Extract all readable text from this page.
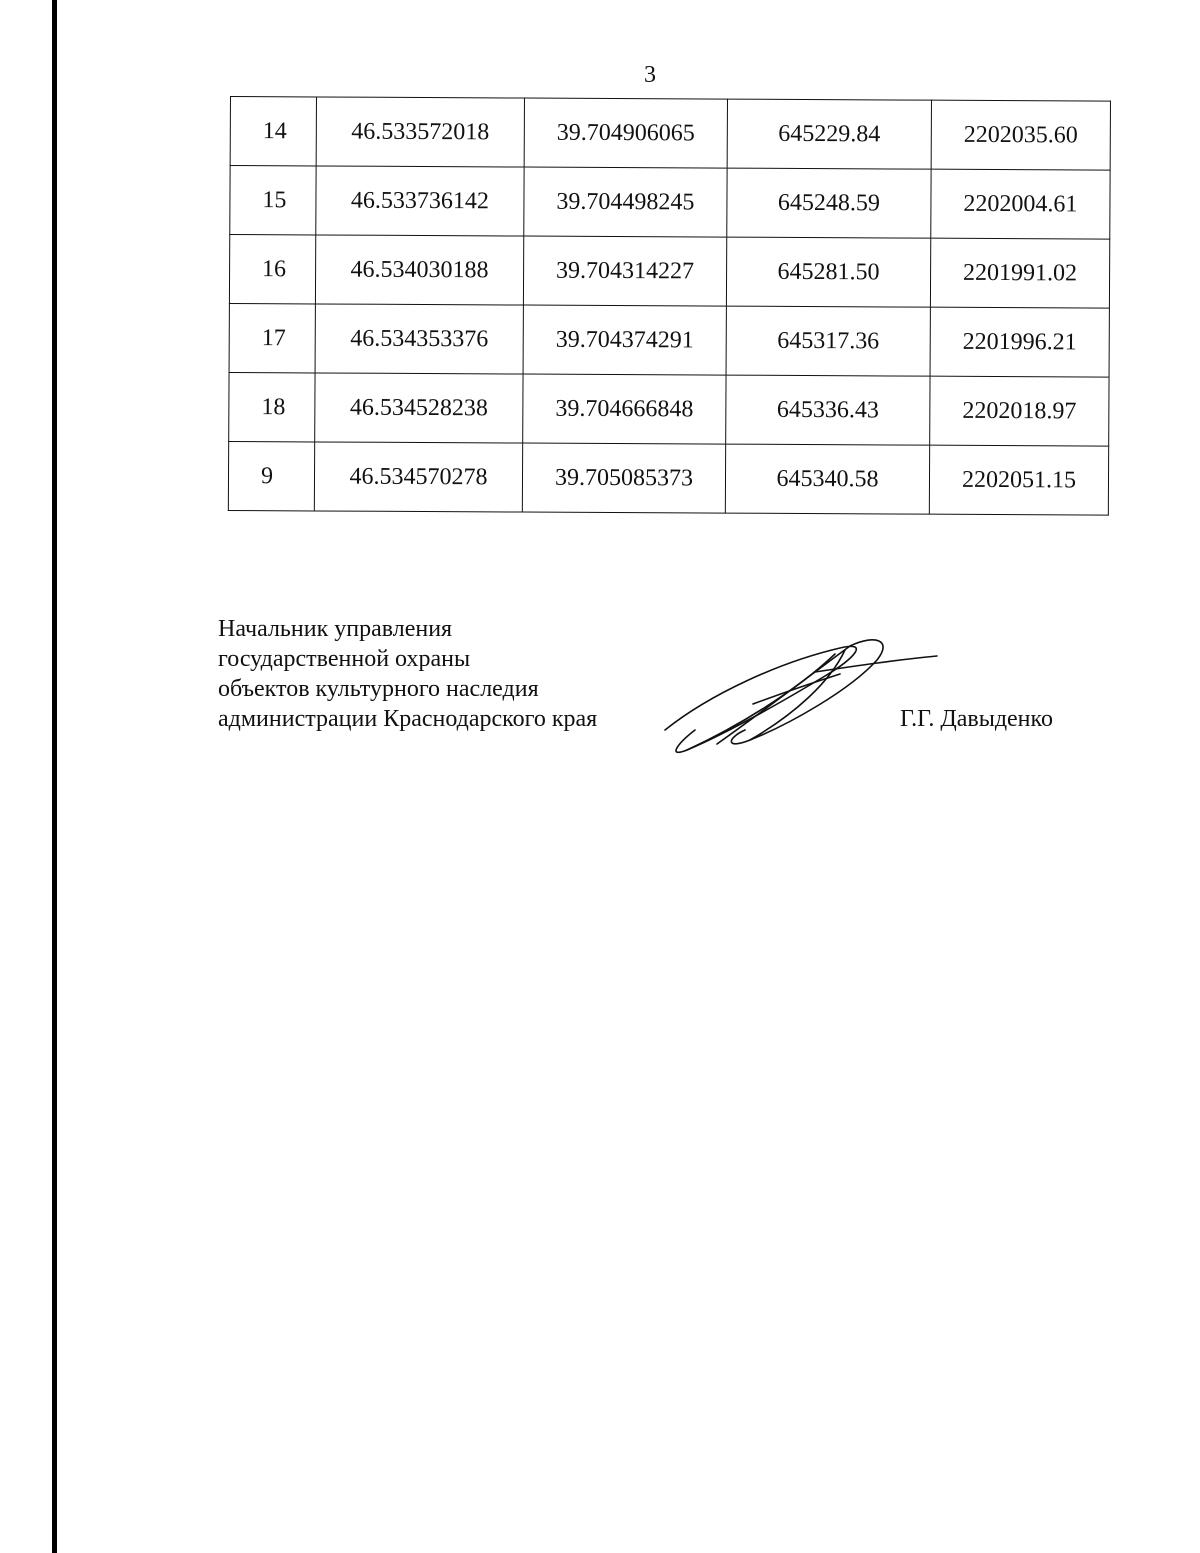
3
14	46.533572018	39.704906065	645229.84	2202035.60
15	46.533736142	39.704498245	645248.59	2202004.61
16	46.534030188	39.704314227	645281.50	2201991.02
17	46.534353376	39.704374291	645317.36	2201996.21
18	46.534528238	39.704666848	645336.43	2202018.97
9	46.534570278	39.705085373	645340.58	2202051.15
Начальник управления
государственной охраны
объектов культурного наследия
администрации Краснодарского края	Г.Г. Давыденко
